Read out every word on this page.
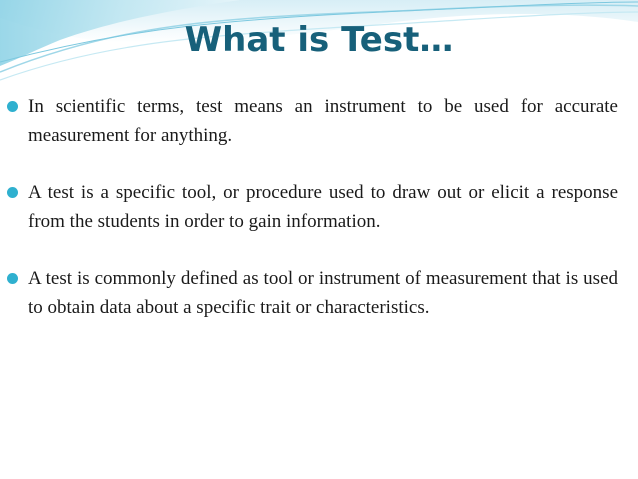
What is Test…
In scientific terms, test means an instrument to be used for accurate measurement for anything.
A test is a specific tool, or procedure used to draw out or elicit a response from the students in order to gain information.
A test is commonly defined as tool or instrument of measurement that is used to obtain data about a specific trait or characteristics.
